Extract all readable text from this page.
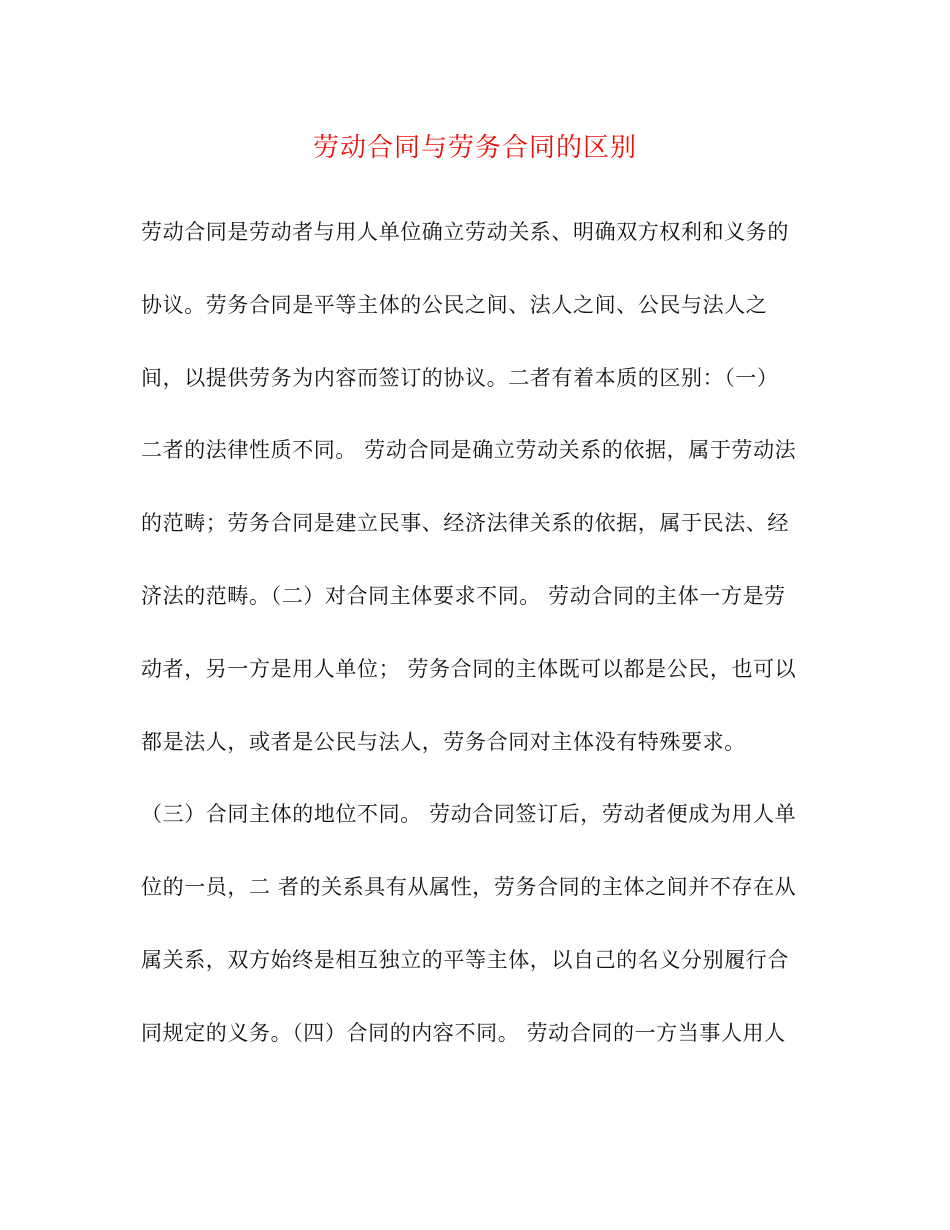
劳动合同与劳务合同的区别
劳动合同是劳动者与用人单位确立劳动关系、明确双方权利和义务的
协议。劳务合同是平等主体的公民之间、法人之间、公民与法人之
间，以提供劳务为内容而签订的协议。二者有着本质的区别：（一）
二者的法律性质不同。 劳动合同是确立劳动关系的依据，属于劳动法
的范畴；劳务合同是建立民事、经济法律关系的依据，属于民法、经
济法的范畴。（二）对合同主体要求不同。 劳动合同的主体一方是劳
动者，另一方是用人单位； 劳务合同的主体既可以都是公民，也可以
都是法人，或者是公民与法人，劳务合同对主体没有特殊要求。
（三）合同主体的地位不同。 劳动合同签订后，劳动者便成为用人单
位的一员，二 者的关系具有从属性，劳务合同的主体之间并不存在从
属关系，双方始终是相互独立的平等主体，以自己的名义分别履行合
同规定的义务。（四）合同的内容不同。 劳动合同的一方当事人用人
